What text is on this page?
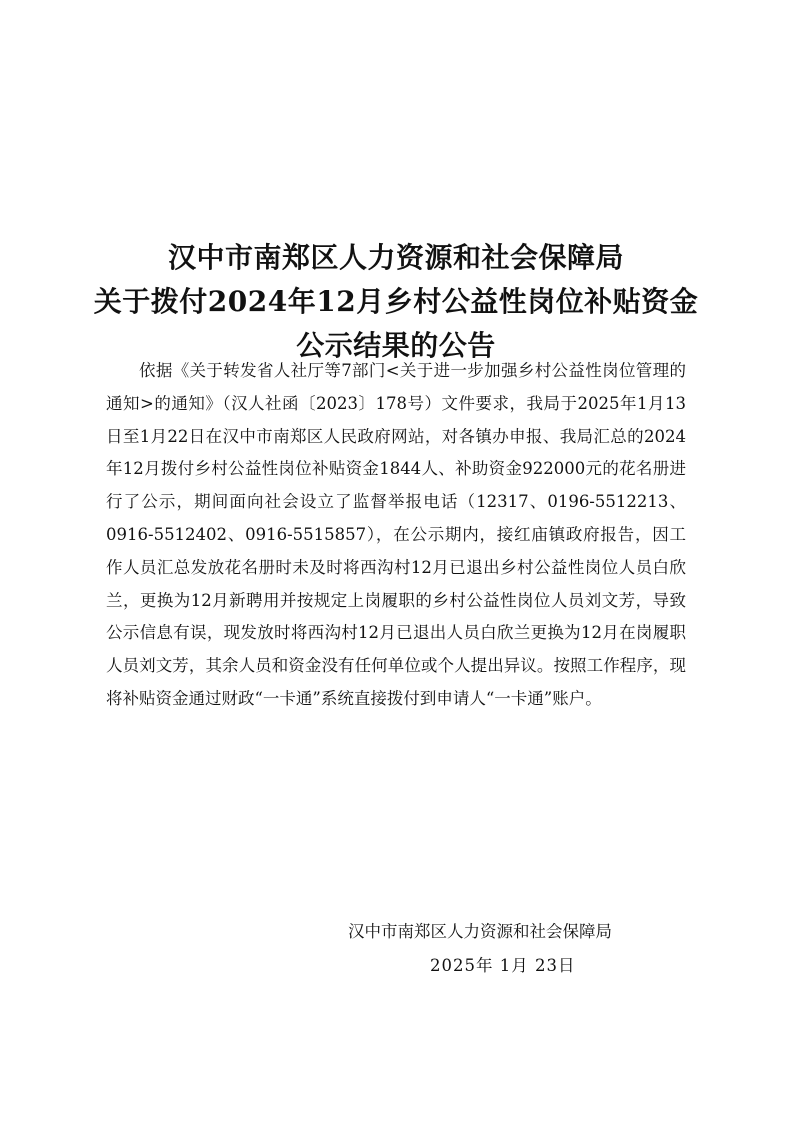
汉中市南郑区人力资源和社会保障局
关于拨付2024年12月乡村公益性岗位补贴资金
公示结果的公告

依据《关于转发省人社厅等7部门<关于进一步加强乡村公益性岗位管理的通知>的通知》（汉人社函〔2023〕178号）文件要求，我局于2025年1月13日至1月22日在汉中市南郑区人民政府网站，对各镇办申报、我局汇总的2024年12月拨付乡村公益性岗位补贴资金1844人、补助资金922000元的花名册进行了公示，期间面向社会设立了监督举报电话（12317、0196-5512213、0916-5512402、0916-5515857），在公示期内，接红庙镇政府报告，因工作人员汇总发放花名册时未及时将西沟村12月已退出乡村公益性岗位人员白欣兰，更换为12月新聘用并按规定上岗履职的乡村公益性岗位人员刘文芳，导致公示信息有误，现发放时将西沟村12月已退出人员白欣兰更换为12月在岗履职人员刘文芳，其余人员和资金没有任何单位或个人提出异议。按照工作程序，现将补贴资金通过财政“一卡通”系统直接拨付到申请人“一卡通”账户。

汉中市南郑区人力资源和社会保障局
2025年 1月 23日
